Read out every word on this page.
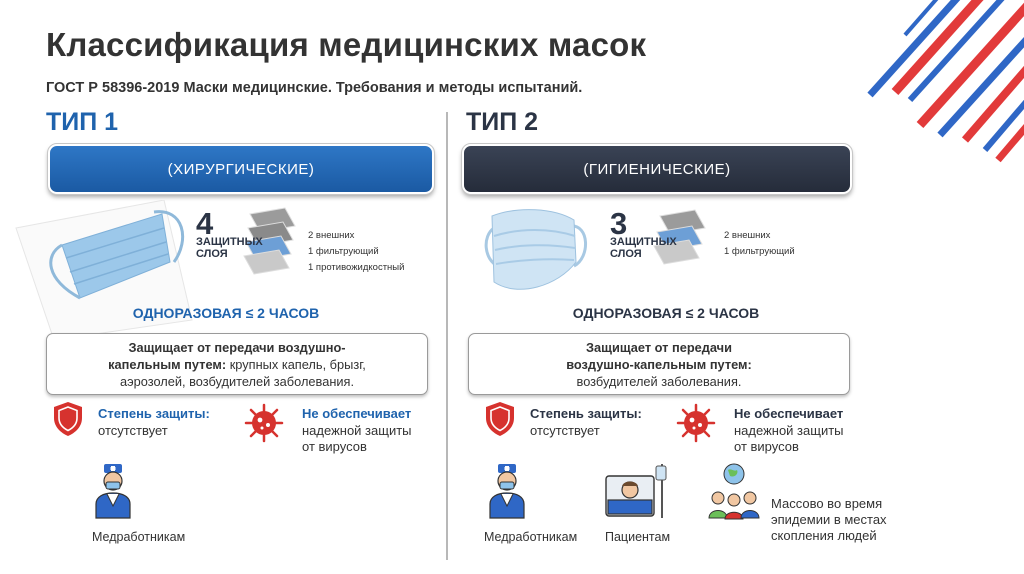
Классификация медицинских масок
ГОСТ Р 58396-2019 Маски медицинские. Требования и методы испытаний.
ТИП 1	ТИП 2
(ХИРУРГИЧЕСКИЕ)	(ГИГИЕНИЧЕСКИЕ)
4
ЗАЩИТНЫХ
СЛОЯ
2 внешних
1 фильтрующий
1 противожидкостный
ОДНОРАЗОВАЯ ≤ 2 ЧАСОВ
Защищает от передачи воздушно-
капельным путем: крупных капель, брызг,
аэрозолей, возбудителей заболевания.
Степень защиты:
отсутствует
Не обеспечивает
надежной защиты
от вирусов
Медработникам
3
ЗАЩИТНЫХ
СЛОЯ
2 внешних
1 фильтрующий
ОДНОРАЗОВАЯ ≤ 2 ЧАСОВ
Защищает от передачи
воздушно-капельным путем:
возбудителей заболевания.
Степень защиты:
отсутствует
Не обеспечивает
надежной защиты
от вирусов
Медработникам Пациентам
Массово во время
эпидемии в местах
скопления людей
